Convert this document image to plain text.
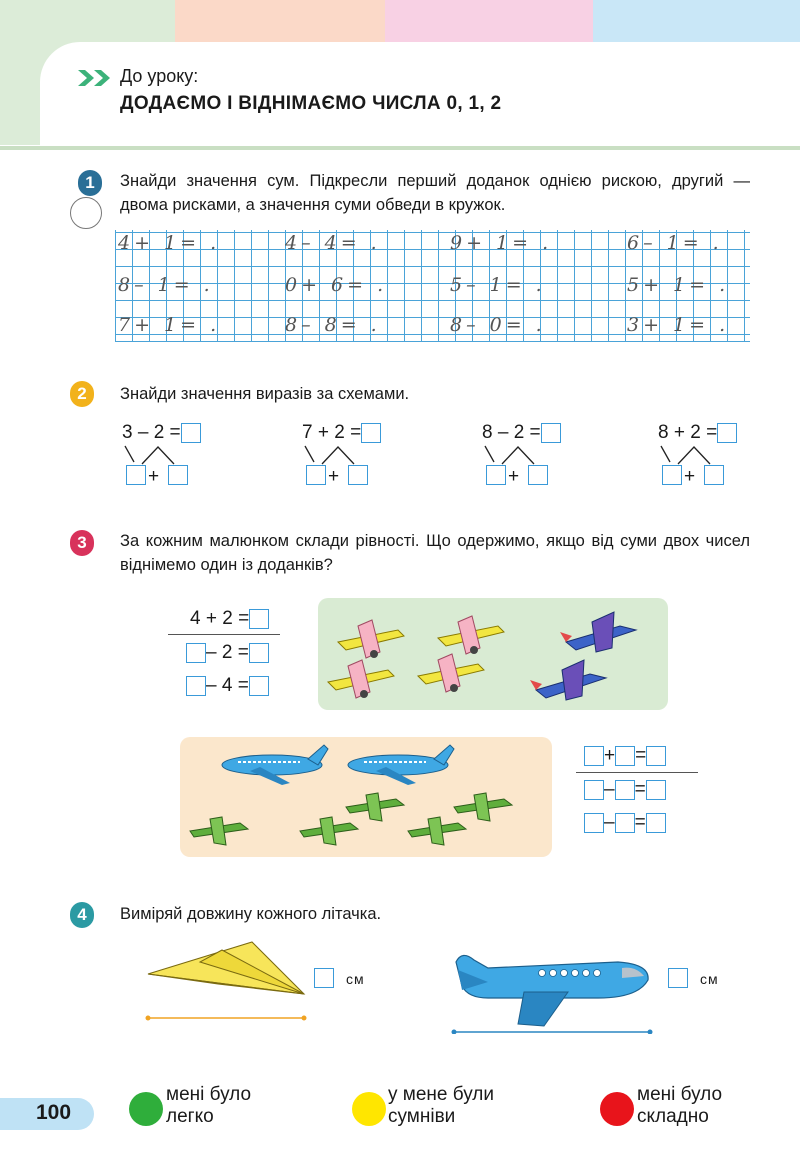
До уроку:
ДОДАЄМО І ВІДНІМАЄМО ЧИСЛА 0, 1, 2
1	Знайди значення сум. Підкресли перший доданок однією рискою, другий — двома рисками, а значення суми обведи в кружок.
4+ 1= .	4– 4= .	9+ 1= .	6– 1= .
8– 1= .	0+ 6= .	5– 1= .	5+ 1= .
7+ 1= .	8– 8= .	8– 0= .	3+ 1= .
2	Знайди значення виразів за схемами.
3 – 2 =
+
7 + 2 =
+
8 – 2 =
+
8 + 2 =
+
3	За кожним малюнком склади рівності. Що одержимо, якщо від суми двох чисел віднімемо один із доданків?
4 + 2 =
– 2 =
– 4 =
+ =
– =
– =
4	Виміряй довжину кожного літачка.
см	см
100
мені було
легко
у мене були
сумніви
мені було
складно
